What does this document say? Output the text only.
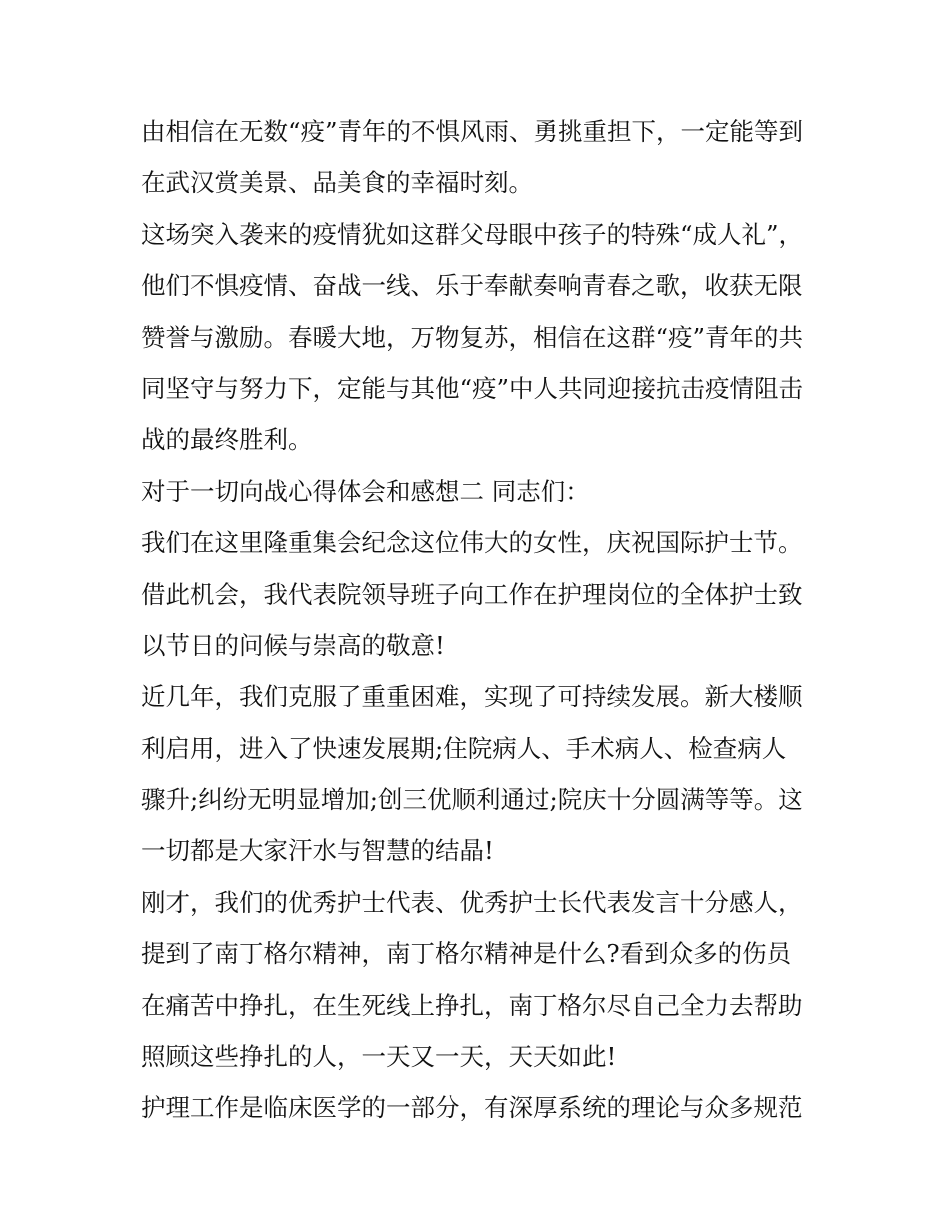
由相信在无数“疫”青年的不惧风雨、勇挑重担下，一定能等到
在武汉赏美景、品美食的幸福时刻。
这场突入袭来的疫情犹如这群父母眼中孩子的特殊“成人礼”，
他们不惧疫情、奋战一线、乐于奉献奏响青春之歌，收获无限
赞誉与激励。春暖大地，万物复苏，相信在这群“疫”青年的共
同坚守与努力下，定能与其他“疫”中人共同迎接抗击疫情阻击
战的最终胜利。
对于一切向战心得体会和感想二 同志们：
我们在这里隆重集会纪念这位伟大的女性，庆祝国际护士节。
借此机会，我代表院领导班子向工作在护理岗位的全体护士致
以节日的问候与崇高的敬意!
近几年，我们克服了重重困难，实现了可持续发展。新大楼顺
利启用，进入了快速发展期;住院病人、手术病人、检查病人
骤升;纠纷无明显增加;创三优顺利通过;院庆十分圆满等等。这
一切都是大家汗水与智慧的结晶!
刚才，我们的优秀护士代表、优秀护士长代表发言十分感人，
提到了南丁格尔精神，南丁格尔精神是什么?看到众多的伤员
在痛苦中挣扎，在生死线上挣扎，南丁格尔尽自己全力去帮助
照顾这些挣扎的人，一天又一天，天天如此!
护理工作是临床医学的一部分，有深厚系统的理论与众多规范
